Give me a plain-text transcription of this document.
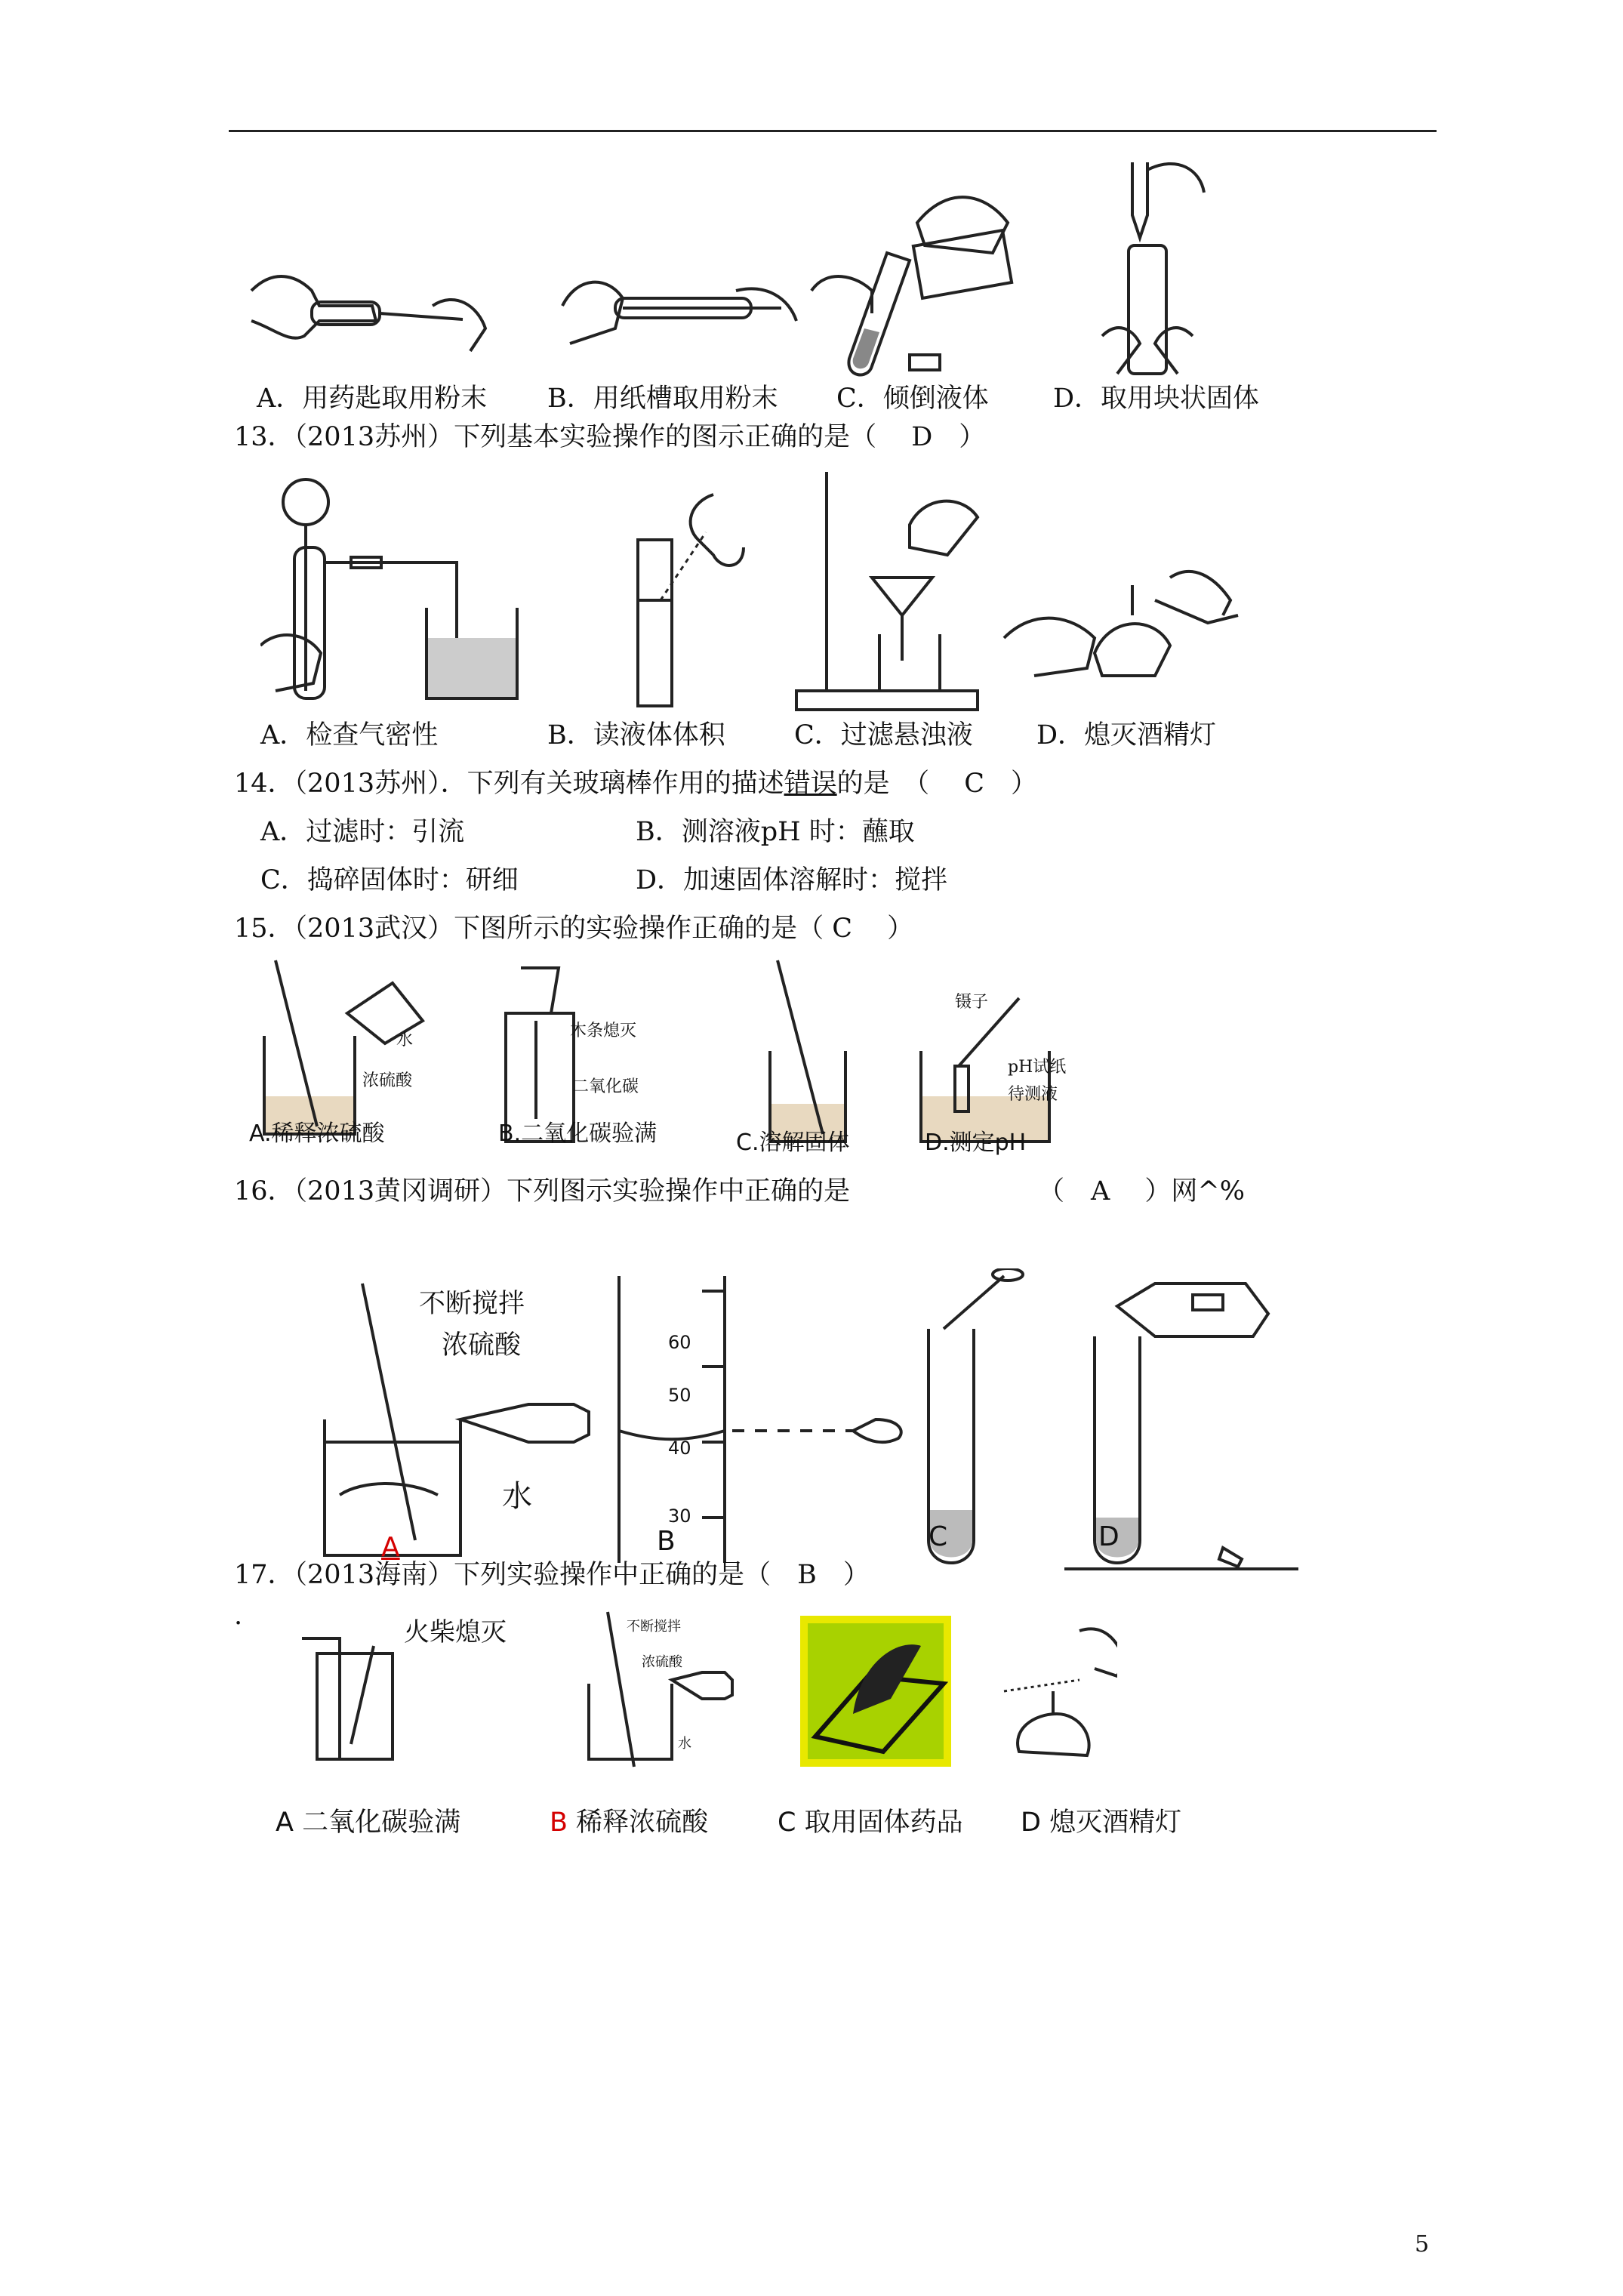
A．用药匙取用粉末 B．用纸槽取用粉末 C．倾倒液体 D．取用块状固体
13．（2013苏州）下列基本实验操作的图示正确的是（　 D　）
A．检查气密性	B．读液体体积	C．过滤悬浊液 D．熄灭酒精灯
14．（2013苏州）．下列有关玻璃棒作用的描述错误的是　（　 C　）
A．过滤时：引流	B．测溶液pH 时：蘸取
C．捣碎固体时：研细	D．加速固体溶解时：搅拌
15．（2013武汉）下图所示的实验操作正确的是（ C　 ）
水
浓硫酸
木条熄灭
二氧化碳
镊子
pH试纸
待测液
A.稀释浓硫酸	B.二氧化碳验满	C.溶解固体	D.测定pH
16．（2013黄冈调研）下列图示实验操作中正确的是	（　A　 ）网^%
不断搅拌
浓硫酸
水
60
50
40
30
A	B	C	D
17．（2013海南）下列实验操作中正确的是（　B　）
.
火柴熄灭	不断搅拌
浓硫酸
水
A 二氧化碳验满	B 稀释浓硫酸	C 取用固体药品 D 熄灭酒精灯
5
